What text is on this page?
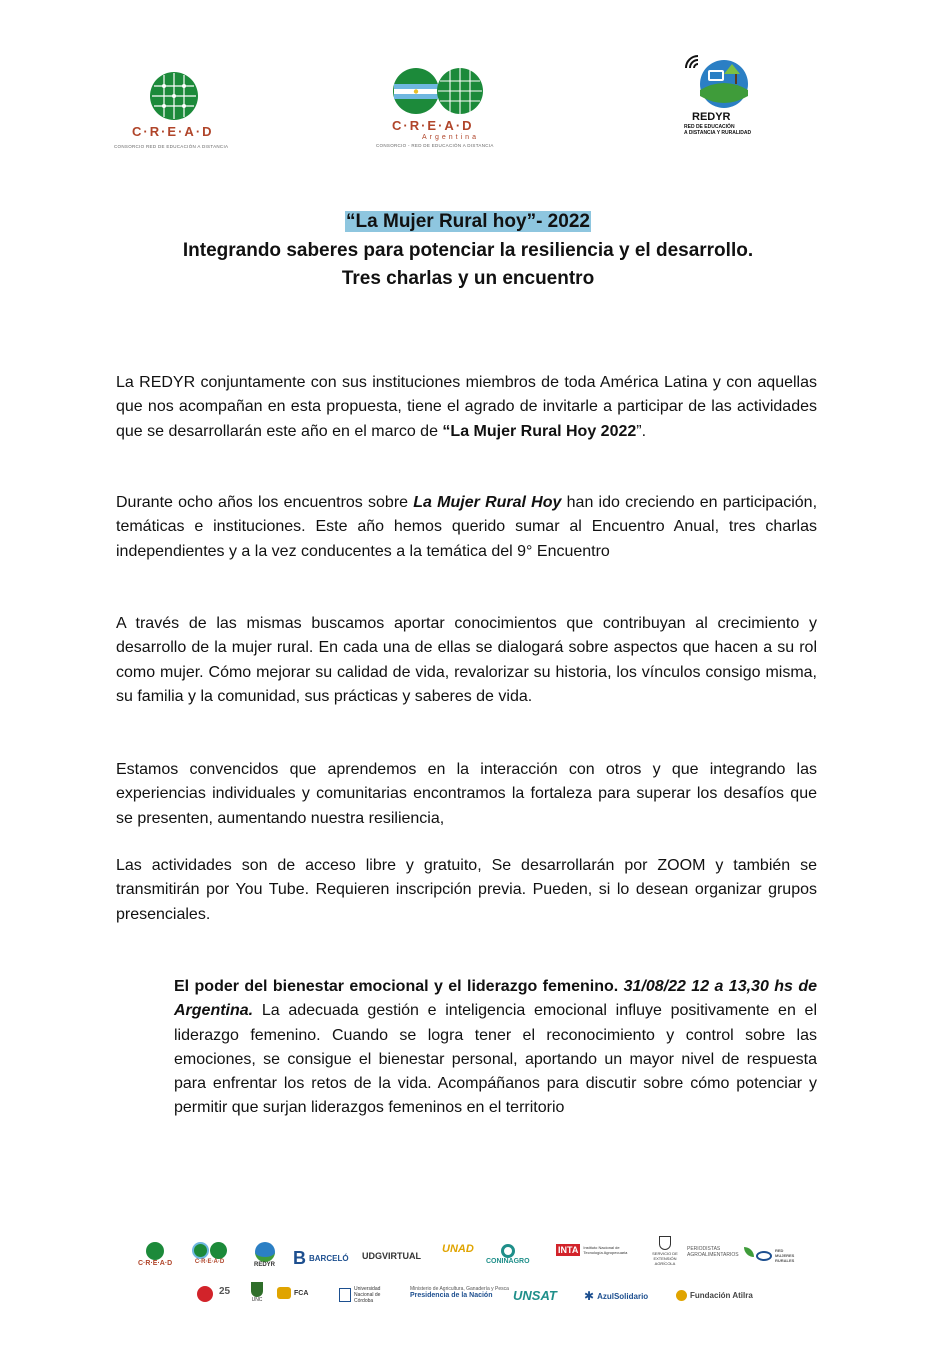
C·R·E·A·D
CONSORCIO RED DE EDUCACIÓN A DISTANCIA
C·R·E·A·D
Argentina
CONSORCIO - RED DE EDUCACIÓN A DISTANCIA
REDYR
RED DE EDUCACIÓN
A DISTANCIA Y RURALIDAD
“La Mujer Rural hoy”- 2022
Integrando saberes para potenciar la resiliencia y el desarrollo.
Tres charlas y un encuentro
La REDYR conjuntamente con sus instituciones miembros de toda América Latina y con aquellas que nos acompañan en esta propuesta, tiene el agrado de invitarle a participar de las actividades que se desarrollarán este año en el marco de “La Mujer Rural Hoy 2022”.
Durante ocho años los encuentros sobre La Mujer Rural Hoy han ido creciendo en participación, temáticas e instituciones. Este año hemos querido sumar al Encuentro Anual, tres charlas independientes y a la vez conducentes a la temática del 9° Encuentro
A través de las mismas buscamos aportar conocimientos que contribuyan al crecimiento y desarrollo de la mujer rural. En cada una de ellas se dialogará sobre aspectos que hacen a su rol como mujer. Cómo mejorar su calidad de vida, revalorizar su historia, los vínculos consigo misma, su familia y la comunidad, sus prácticas y saberes de vida.
Estamos convencidos que aprendemos en la interacción con otros y que integrando las experiencias individuales y comunitarias encontramos la fortaleza para superar los desafíos que se presenten, aumentando nuestra resiliencia,
Las actividades son de acceso libre y gratuito, Se desarrollarán por ZOOM y también se transmitirán por You Tube. Requieren inscripción previa. Pueden, si lo desean organizar grupos presenciales.
El poder del bienestar emocional y el liderazgo femenino. 31/08/22 12 a 13,30 hs de Argentina. La adecuada gestión e inteligencia emocional influye positivamente en el liderazgo femenino. Cuando se logra tener el reconocimiento y control sobre las emociones, se consigue el bienestar personal, aportando un mayor nivel de respuesta para enfrentar los retos de la vida. Acompáñanos para discutir sobre cómo potenciar y permitir que surjan liderazgos femeninos en el territorio
C·R·E·A·D	C·R·E·A·D	REDYR B BARCELÓ UDGVIRTUAL
UNAD
CONINAGRO
INTA	Instituto Nacional de Tecnología Agropecuaria	SERVICIO DE EXTENSIÓN AGRÍCOLA
PERIODISTAS AGROALIMENTARIOS
RED MUJERES RURALES
25
UNC
FCA
Universidad Nacional de Córdoba
Ministerio de Agricultura, Ganadería y Pesca
Presidencia de la Nación UNSAT ✱ AzulSolidario	Fundación Atilra
